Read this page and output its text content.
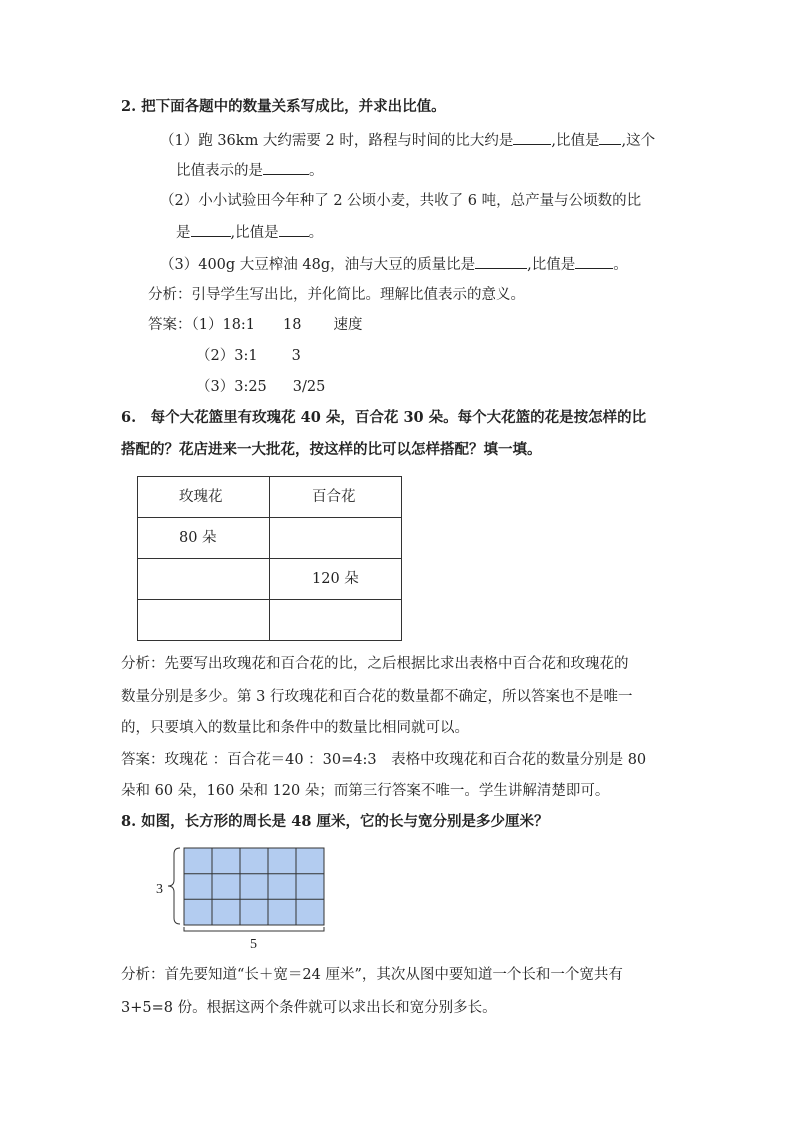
2. 把下面各题中的数量关系写成比，并求出比值。
（1）跑 36km 大约需要 2 时，路程与时间的比大约是	,比值是 ,这个
比值表示的是	。
（2）小小试验田今年种了 2 公顷小麦，共收了 6 吨，总产量与公顷数的比
是	,比值是 。
（3）400g 大豆榨油 48g，油与大豆的质量比是	,比值是	。
分析：引导学生写出比，并化简比。理解比值表示的意义。
答案：（1）18:1 18 速度
（2）3:1 3
（3）3:25 3/25
6.　每个大花篮里有玫瑰花 40 朵，百合花 30 朵。每个大花篮的花是按怎样的比
搭配的？花店进来一大批花，按这样的比可以怎样搭配？填一填。
玫瑰花	百合花

80 朵	

	120 朵

分析：先要写出玫瑰花和百合花的比，之后根据比求出表格中百合花和玫瑰花的
数量分别是多少。第 3 行玫瑰花和百合花的数量都不确定，所以答案也不是唯一
的，只要填入的数量比和条件中的数量比相同就可以。
答案：玫瑰花 ：百合花＝40 ：30=4:3　表格中玫瑰花和百合花的数量分别是 80
朵和 60 朵，160 朵和 120 朵；而第三行答案不唯一。学生讲解清楚即可。
8. 如图，长方形的周长是 48 厘米，它的长与宽分别是多少厘米？
3
5
分析：首先要知道“长＋宽＝24 厘米”，其次从图中要知道一个长和一个宽共有
3+5=8 份。根据这两个条件就可以求出长和宽分别多长。
